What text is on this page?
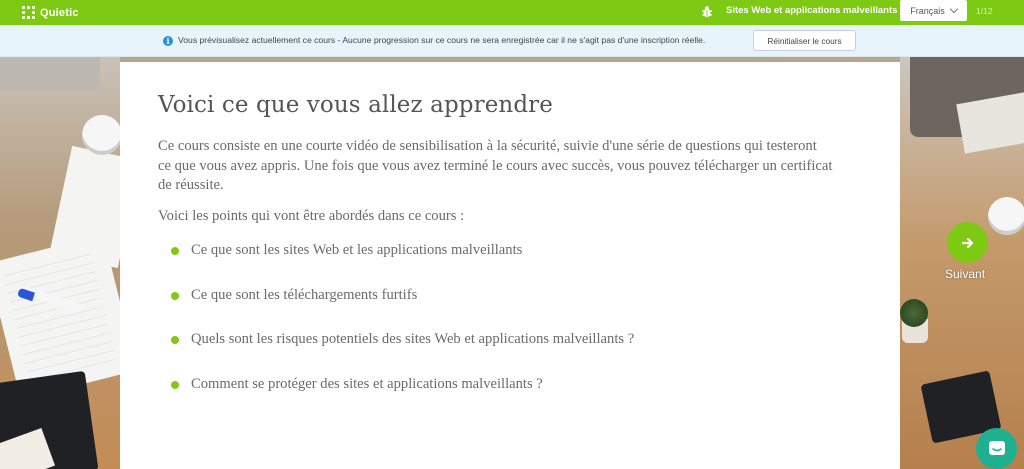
Quietic	Sites Web et applications malveillants Français	1/12
i Vous prévisualisez actuellement ce cours - Aucune progression sur ce cours ne sera enregistrée car il ne s'agit pas d'une inscription réelle.	Réinitialiser le cours
Voici ce que vous allez apprendre
Ce cours consiste en une courte vidéo de sensibilisation à la sécurité, suivie d'une série de questions qui testeront
ce que vous avez appris. Une fois que vous avez terminé le cours avec succès, vous pouvez télécharger un certificat
de réussite.
Voici les points qui vont être abordés dans ce cours :
Ce que sont les sites Web et les applications malveillants
Ce que sont les téléchargements furtifs
Quels sont les risques potentiels des sites Web et applications malveillants ?
Comment se protéger des sites et applications malveillants ?
Suivant
